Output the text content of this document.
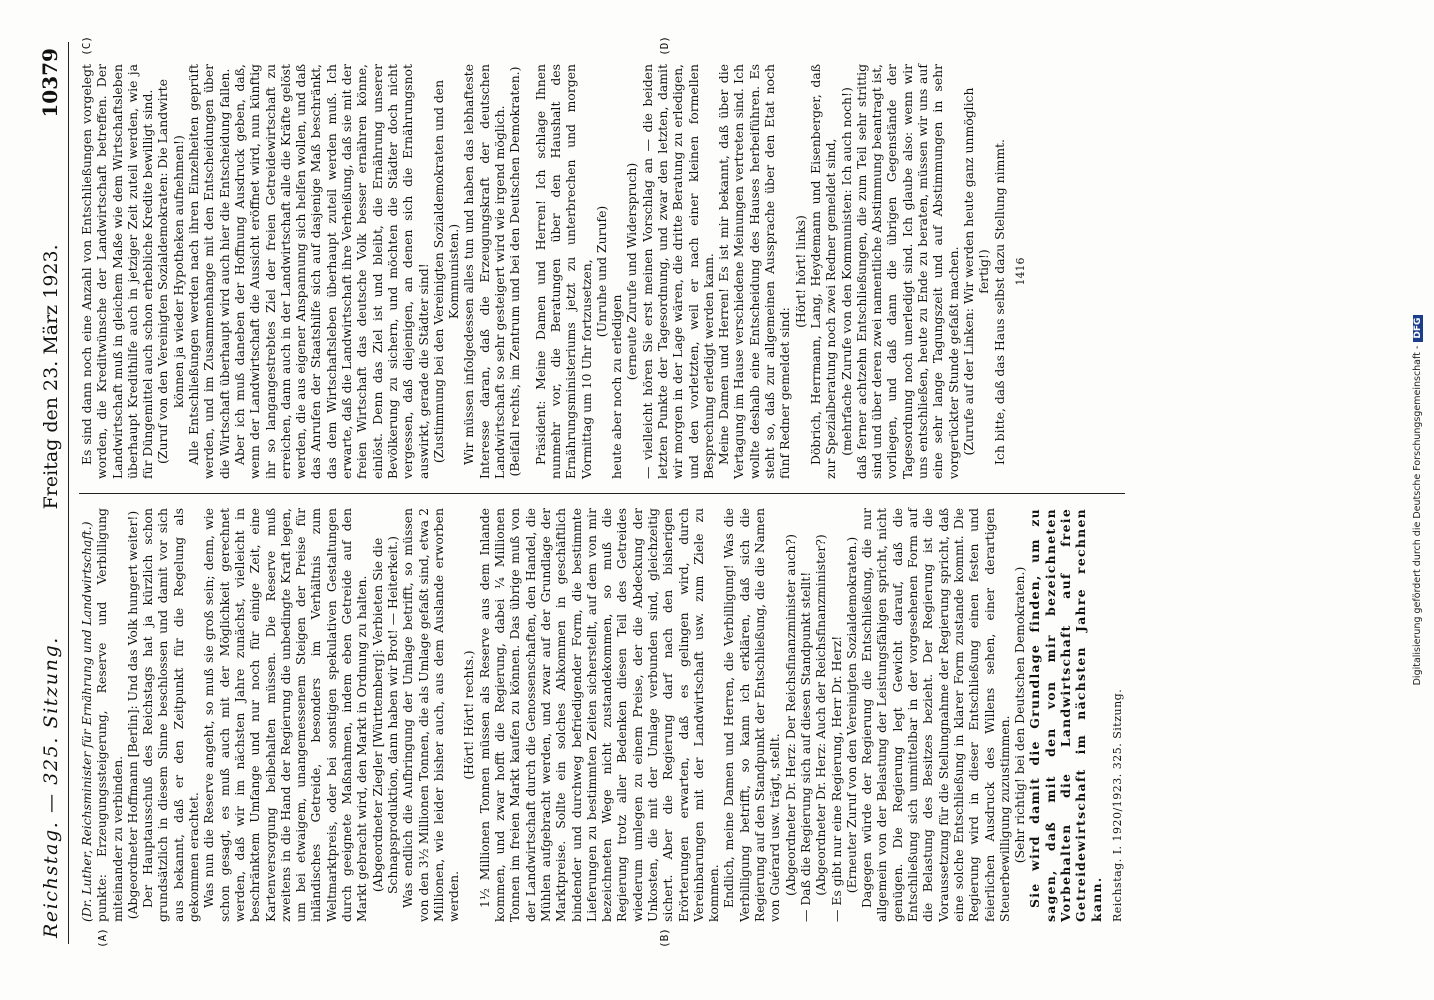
Reichstag. — 325. Sitzung.
Freitag den 23. März 1923.
10379
(A)	(B)

(Dr. Luther, Reichsminister für Ernährung und Landwirtschaft.) punkte: Erzeugungssteigerung, Reserve und Verbilligung miteinander zu verbinden. (Abgeordneter Hoffmann [Berlin]: Und das Volk hungert weiter!) Der Hauptausschuß des Reichstags hat ja kürzlich schon grundsätzlich in diesem Sinne beschlossen und damit vor sich aus bekannt, daß er den Zeitpunkt für die Regelung als gekommen erachtet. Was nun die Reserve angeht, so muß sie groß sein; denn, wie schon gesagt, es muß auch mit der Möglichkeit gerechnet werden, daß wir im nächsten Jahre zunächst, vielleicht in beschränktem Umfange und nur noch für einige Zeit, eine Kartenversorgung beibehalten müssen. Die Reserve muß zweitens in die Hand der Regierung die unbedingte Kraft legen, um bei etwaigem, unangemessenem Steigen der Preise für inländisches Getreide, besonders im Verhältnis zum Weltmarktpreis, oder bei sonstigen spekulativen Gestaltungen durch geeignete Maßnahmen, indem eben Getreide auf den Markt gebracht wird, den Markt in Ordnung zu halten. (Abgeordneter Ziegler [Württemberg]: Verbieten Sie die Schnapsproduktion, dann haben wir Brot! — Heiterkeit.) Was endlich die Aufbringung der Umlage betrifft, so müssen von den 3½ Millionen Tonnen, die als Umlage gefaßt sind, etwa 2 Millionen, wie leider bisher auch, aus dem Auslande erworben werden.

(Hört! Hört! rechts.) 1½ Millionen Tonnen müssen als Reserve aus dem Inlande kommen, und zwar hofft die Regierung, dabei ¼ Millionen Tonnen im freien Markt kaufen zu können. Das übrige muß von der Landwirtschaft durch die Genossenschaften, den Handel, die Mühlen aufgebracht werden, und zwar auf der Grundlage der Marktpreise. Sollte ein solches Abkommen in geschäftlich bindender und durchweg befriedigender Form, die bestimmte Lieferungen zu bestimmten Zeiten sicherstellt, auf dem von mir bezeichneten Wege nicht zustandekommen, so muß die Regierung trotz aller Bedenken diesen Teil des Getreides wiederum umlegen zu einem Preise, der die Abdeckung der Unkosten, die mit der Umlage verbunden sind, gleichzeitig sichert. Aber die Regierung darf nach den bisherigen Erörterungen erwarten, daß es gelingen wird, durch Vereinbarungen mit der Landwirtschaft usw. zum Ziele zu kommen. Endlich, meine Damen und Herren, die Verbilligung! Was die Verbilligung betrifft, so kann ich erklären, daß sich die Regierung auf den Standpunkt der Entschließung, die die Namen von Guérard usw. trägt, stellt. (Abgeordneter Dr. Herz: Der Reichsfinanzminister auch?) — Daß die Regierung sich auf diesen Standpunkt stellt! (Abgeordneter Dr. Herz: Auch der Reichsfinanzminister?) — Es gibt nur eine Regierung, Herr Dr. Herz! (Erneuter Zuruf von den Vereinigten Sozialdemokraten.) Dagegen würde der Regierung die Entschließung, die nur allgemein von der Belastung der Leistungsfähigen spricht, nicht genügen. Die Regierung legt Gewicht darauf, daß die Entschließung sich unmittelbar in der vorgesehenen Form auf die Belastung des Besitzes bezieht. Der Regierung ist die Voraussetzung für die Stellungnahme der Regierung spricht, daß eine solche Entschließung in klarer Form zustande kommt. Die Regierung wird in dieser Entschließung einen festen und feierlichen Ausdruck des Willens sehen, einer derartigen Steuerbewilligung zuzustimmen. (Sehr richtig! bei den Deutschen Demokraten.) Sie wird damit die Grundlage finden, um zu sagen, daß mit den von mir bezeichneten Vorbehalten die Landwirtschaft auf freie Getreidewirtschaft im nächsten Jahre rechnen kann. Reichstag. I. 1920/1923. 325. Sitzung.
(C)	(D)

Es sind dann noch eine Anzahl von Entschließungen vorgelegt worden, die Kreditwünsche der Landwirtschaft betreffen. Der Landwirtschaft muß in gleichem Maße wie dem Wirtschaftsleben überhaupt Kredithilfe auch in jetziger Zeit zuteil werden, wie ja für Düngemittel auch schon erhebliche Kredite bewilligt sind. (Zuruf von den Vereinigten Sozialdemokraten: Die Landwirte können ja wieder Hypotheken aufnehmen!) Alle Entschließungen werden nach ihren Einzelheiten geprüft werden, und im Zusammenhange mit den Entscheidungen über die Wirtschaft überhaupt wird auch hier die Entscheidung fallen. Aber ich muß daneben der Hoffnung Ausdruck geben, daß, wenn der Landwirtschaft die Aussicht eröffnet wird, nun künftig ihr so langangestrebtes Ziel der freien Getreidewirtschaft zu erreichen, dann auch in der Landwirtschaft alle die Kräfte gelöst werden, die aus eigener Anspannung sich helfen wollen, und daß das Anrufen der Staatshilfe sich auf dasjenige Maß beschränkt, das dem Wirtschaftsleben überhaupt zuteil werden muß. Ich erwarte, daß die Landwirtschaft ihre Verheißung, daß sie mit der freien Wirtschaft das deutsche Volk besser ernähren könne, einlöst. Denn das Ziel ist und bleibt, die Ernährung unserer Bevölkerung zu sichern, und möchten die Städter doch nicht vergessen, daß diejenigen, an denen sich die Ernährungsnot auswirkt, gerade die Städter sind! (Zustimmung bei den Vereinigten Sozialdemokraten und den Kommunisten.) Wir müssen infolgedessen alles tun und haben das lebhafteste Interesse daran, daß die Erzeugungskraft der deutschen Landwirtschaft so sehr gesteigert wird wie irgend möglich. (Beifall rechts, im Zentrum und bei den Deutschen Demokraten.) Präsident: Meine Damen und Herren! Ich schlage Ihnen nunmehr vor, die Beratungen über den Haushalt des Ernährungsministeriums jetzt zu unterbrechen und morgen Vormittag um 10 Uhr fortzusetzen, (Unruhe und Zurufe)

heute aber noch zu erledigen

(erneute Zurufe und Widerspruch) — vielleicht hören Sie erst meinen Vorschlag an — die beiden letzten Punkte der Tagesordnung, und zwar den letzten, damit wir morgen in der Lage wären, die dritte Beratung zu erledigen, und den vorletzten, weil er nach einer kleinen formellen Besprechung erledigt werden kann. Meine Damen und Herren! Es ist mir bekannt, daß über die Vertagung im Hause verschiedene Meinungen vertreten sind. Ich wollte deshalb eine Entscheidung des Hauses herbeiführen. Es steht so, daß zur allgemeinen Aussprache über den Etat noch fünf Redner gemeldet sind:

(Hört! hört! links) Döbrich, Herrmann, Lang, Heydemann und Eisenberger, daß zur Spezialberatung noch zwei Redner gemeldet sind, (mehrfache Zurufe von den Kommunisten: Ich auch noch!) daß ferner achtzehn Entschließungen, die zum Teil sehr strittig sind und über deren zwei namentliche Abstimmung beantragt ist, vorliegen, und daß dann die übrigen Gegenstände der Tagesordnung noch unerledigt sind. Ich glaube also: wenn wir uns entschließen, heute zu Ende zu beraten, müssen wir uns auf eine sehr lange Tagungszeit und auf Abstimmungen in sehr vorgerückter Stunde gefaßt machen. (Zurufe auf der Linken: Wir werden heute ganz unmöglich fertig!) Ich bitte, daß das Haus selbst dazu Stellung nimmt. 1416
Digitalisierung gefördert durch die Deutsche Forschungsgemeinschaft -DFG
